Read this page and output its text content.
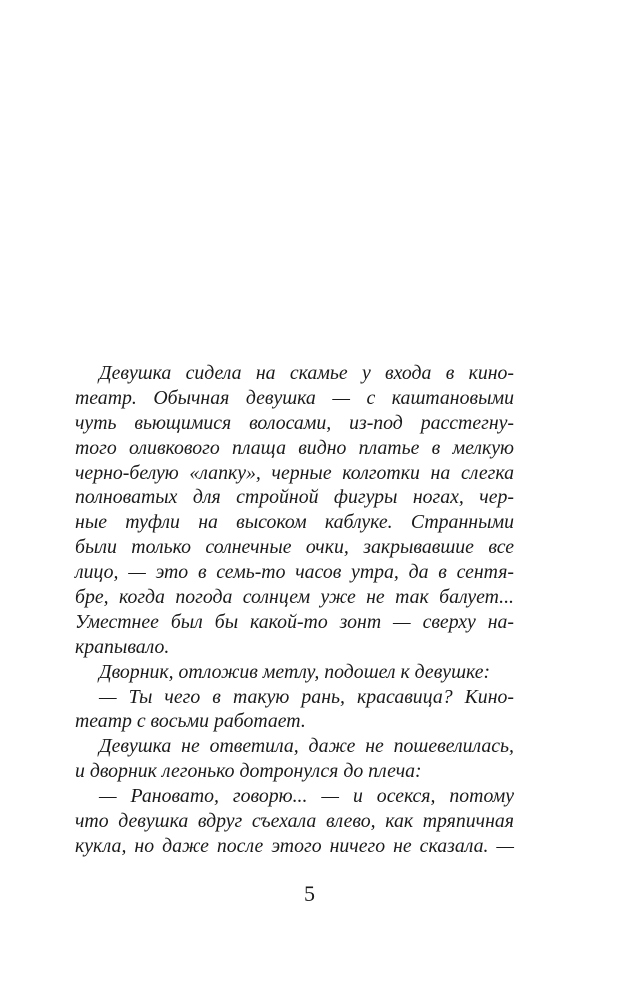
Девушка сидела на скамье у входа в кино-
театр. Обычная девушка — с каштановыми
чуть вьющимися волосами, из-под расстегну-
того оливкового плаща видно платье в мелкую
черно-белую «лапку», черные колготки на слегка
полноватых для стройной фигуры ногах, чер-
ные туфли на высоком каблуке. Странными
были только солнечные очки, закрывавшие все
лицо, — это в семь-то часов утра, да в сентя-
бре, когда погода солнцем уже не так балует...
Уместнее был бы какой-то зонт — сверху на-
крапывало.
Дворник, отложив метлу, подошел к девушке:
— Ты чего в такую рань, красавица? Кино-
театр с восьми работает.
Девушка не ответила, даже не пошевелилась,
и дворник легонько дотронулся до плеча:
— Рановато, говорю... — и осекся, потому
что девушка вдруг съехала влево, как тряпичная
кукла, но даже после этого ничего не сказала. —
5
